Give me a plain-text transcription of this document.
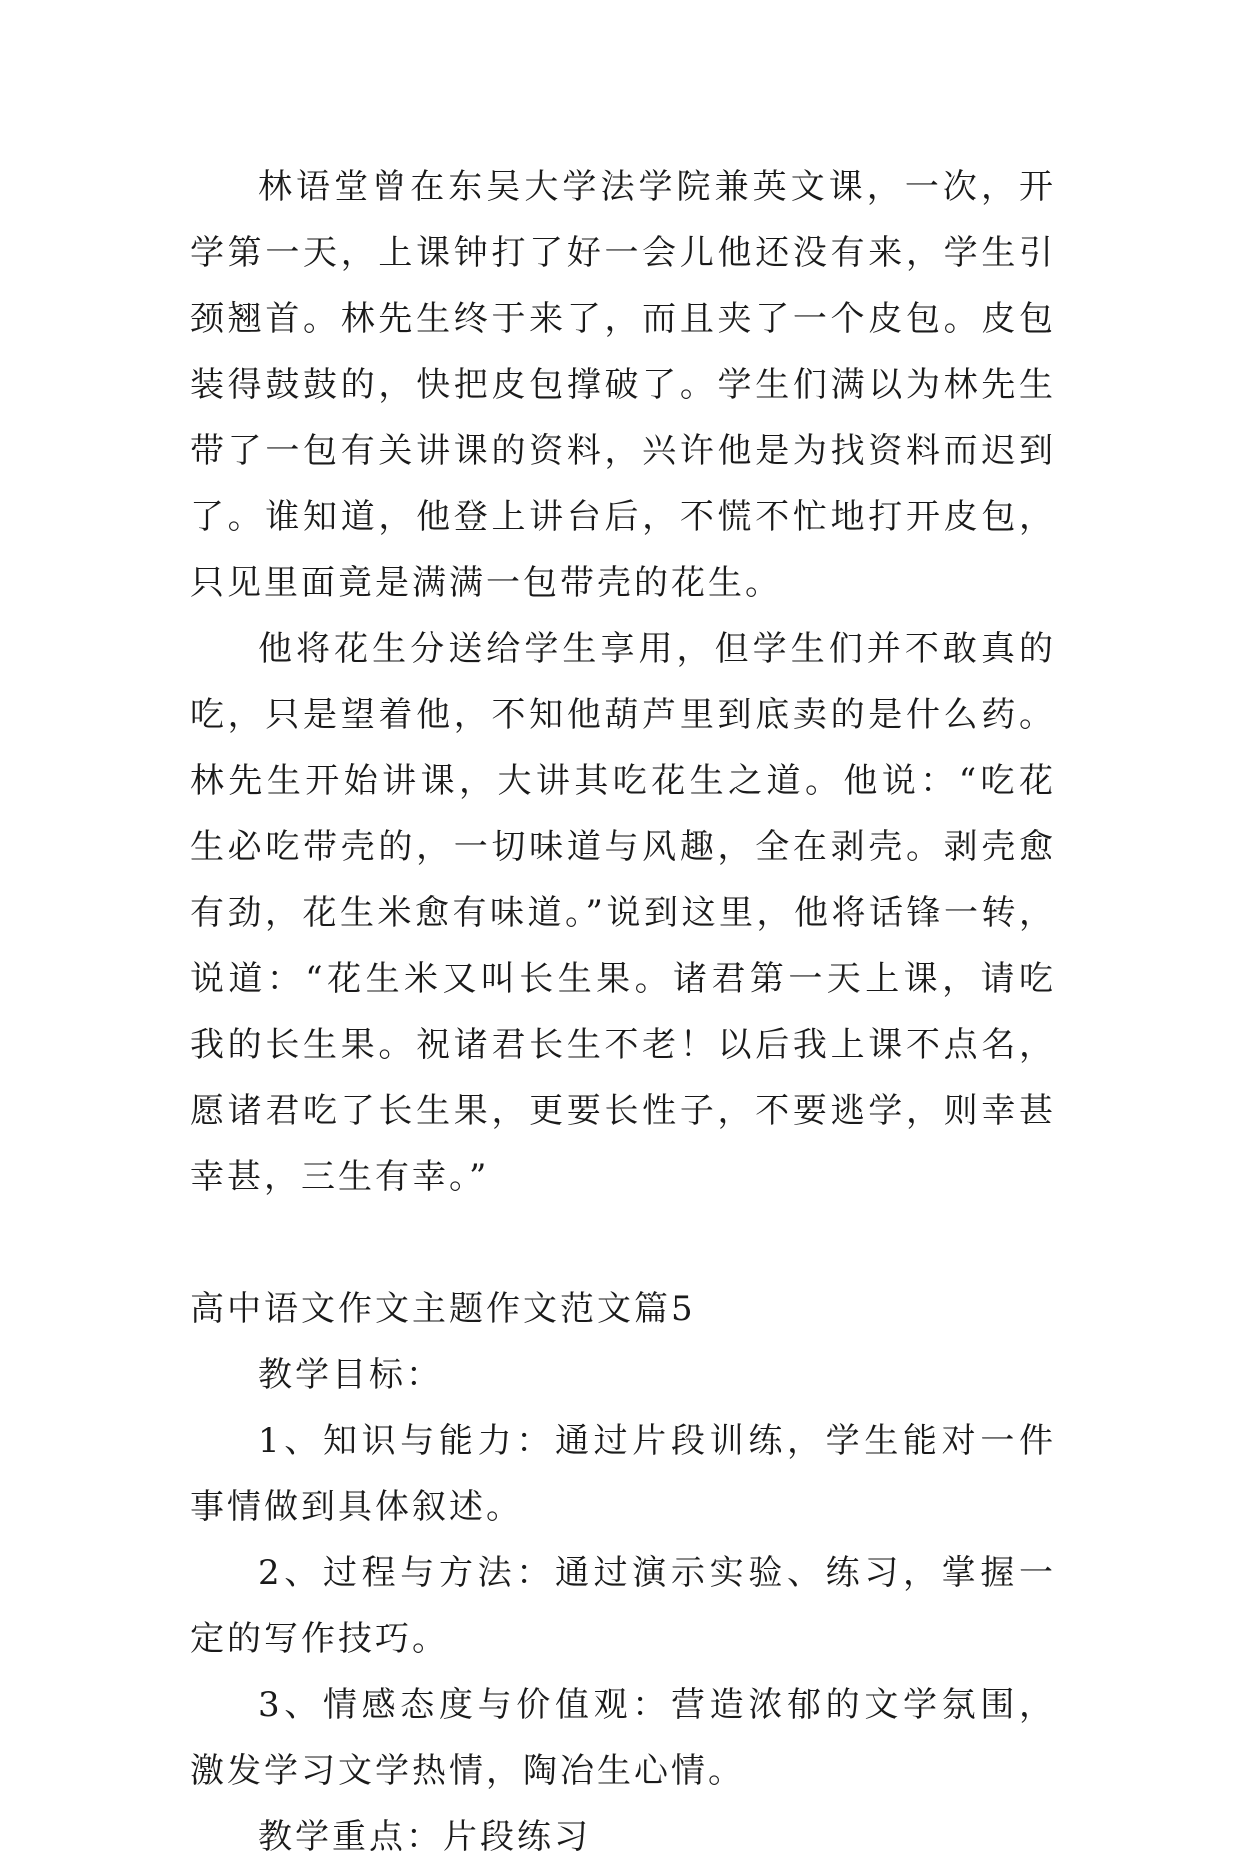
林语堂曾在东吴大学法学院兼英文课，一次，开学第一天，上课钟打了好一会儿他还没有来，学生引颈翘首。林先生终于来了，而且夹了一个皮包。皮包装得鼓鼓的，快把皮包撑破了。学生们满以为林先生带了一包有关讲课的资料，兴许他是为找资料而迟到了。谁知道，他登上讲台后，不慌不忙地打开皮包，只见里面竟是满满一包带壳的花生。

他将花生分送给学生享用，但学生们并不敢真的吃，只是望着他，不知他葫芦里到底卖的是什么药。林先生开始讲课，大讲其吃花生之道。他说：“吃花生必吃带壳的，一切味道与风趣，全在剥壳。剥壳愈有劲，花生米愈有味道。”说到这里，他将话锋一转，说道：“花生米又叫长生果。诸君第一天上课，请吃我的长生果。祝诸君长生不老！以后我上课不点名，愿诸君吃了长生果，更要长性子，不要逃学，则幸甚幸甚，三生有幸。”

高中语文作文主题作文范文篇5

教学目标：

1、知识与能力：通过片段训练，学生能对一件事情做到具体叙述。

2、过程与方法：通过演示实验、练习，掌握一定的写作技巧。

3、情感态度与价值观：营造浓郁的文学氛围，激发学习文学热情，陶冶生心情。

教学重点：片段练习
